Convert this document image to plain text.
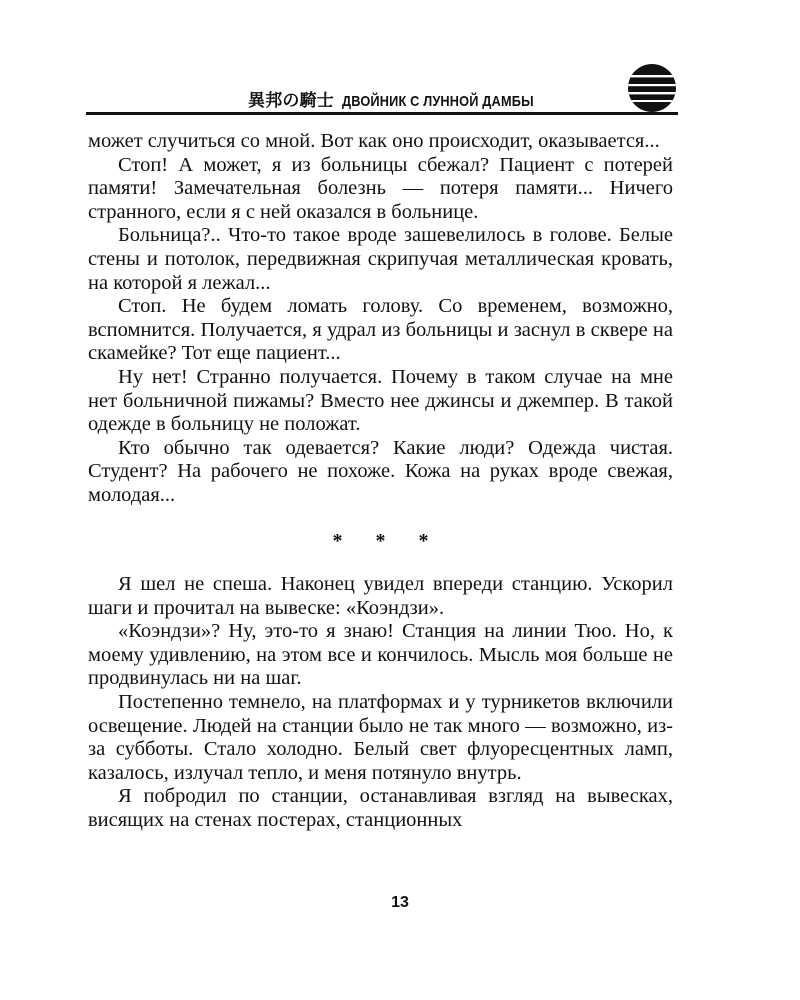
異邦の騎士 ДВОЙНИК С ЛУННОЙ ДАМБЫ

может случиться со мной. Вот как оно происходит, оказывается...

Стоп! А может, я из больницы сбежал? Пациент с потерей памяти! Замечательная болезнь — потеря памяти... Ничего странного, если я с ней оказался в больнице.

Больница?.. Что-то такое вроде зашевелилось в голове. Белые стены и потолок, передвижная скрипучая металлическая кровать, на которой я лежал...

Стоп. Не будем ломать голову. Со временем, возможно, вспомнится. Получается, я удрал из больницы и заснул в сквере на скамейке? Тот еще пациент...

Ну нет! Странно получается. Почему в таком случае на мне нет больничной пижамы? Вместо нее джинсы и джемпер. В такой одежде в больницу не положат.

Кто обычно так одевается? Какие люди? Одежда чистая. Студент? На рабочего не похоже. Кожа на руках вроде свежая, молодая...

* * *

Я шел не спеша. Наконец увидел впереди станцию. Ускорил шаги и прочитал на вывеске: «Коэндзи».

«Коэндзи»? Ну, это-то я знаю! Станция на линии Тюо. Но, к моему удивлению, на этом все и кончилось. Мысль моя больше не продвинулась ни на шаг.

Постепенно темнело, на платформах и у турникетов включили освещение. Людей на станции было не так много — возможно, из-за субботы. Стало холодно. Белый свет флуоресцентных ламп, казалось, излучал тепло, и меня потянуло внутрь.

Я побродил по станции, останавливая взгляд на вывесках, висящих на стенах постерах, станционных

13
